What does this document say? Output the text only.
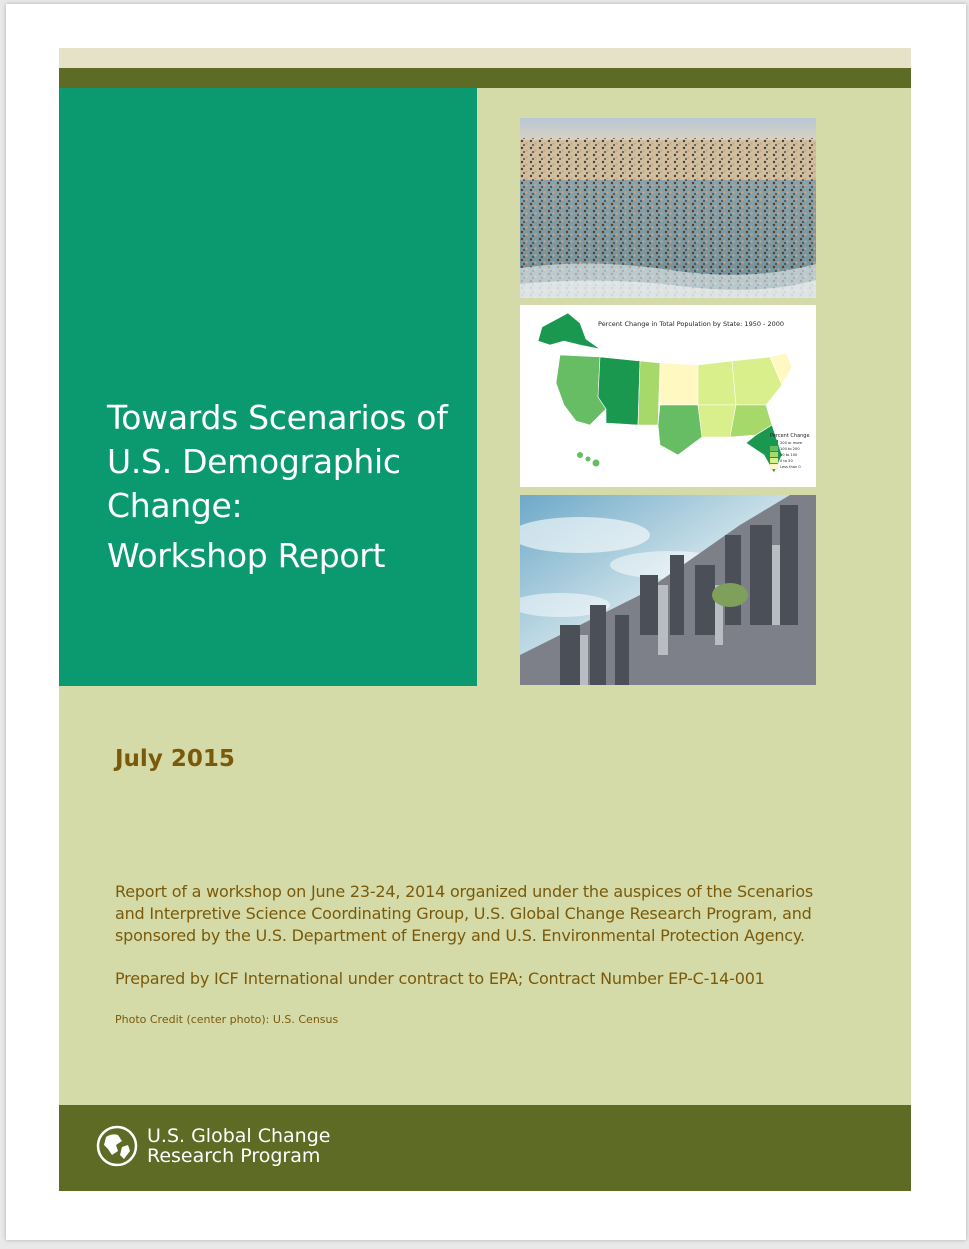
Towards Scenarios of
U.S. Demographic
Change:
Workshop Report
Percent Change in Total Population by State: 1950 - 2000
Percent Change
200 or more
100 to 200
50 to 100
0 to 50
Less than 0

July 2015

Report of a workshop on June 23-24, 2014 organized under the auspices of the Scenarios and Interpretive Science Coordinating Group, U.S. Global Change Research Program, and sponsored by the U.S. Department of Energy and U.S. Environmental Protection Agency.

Prepared by ICF International under contract to EPA; Contract Number EP-C-14-001

Photo Credit (center photo): U.S. Census

U.S. Global Change
Research Program
